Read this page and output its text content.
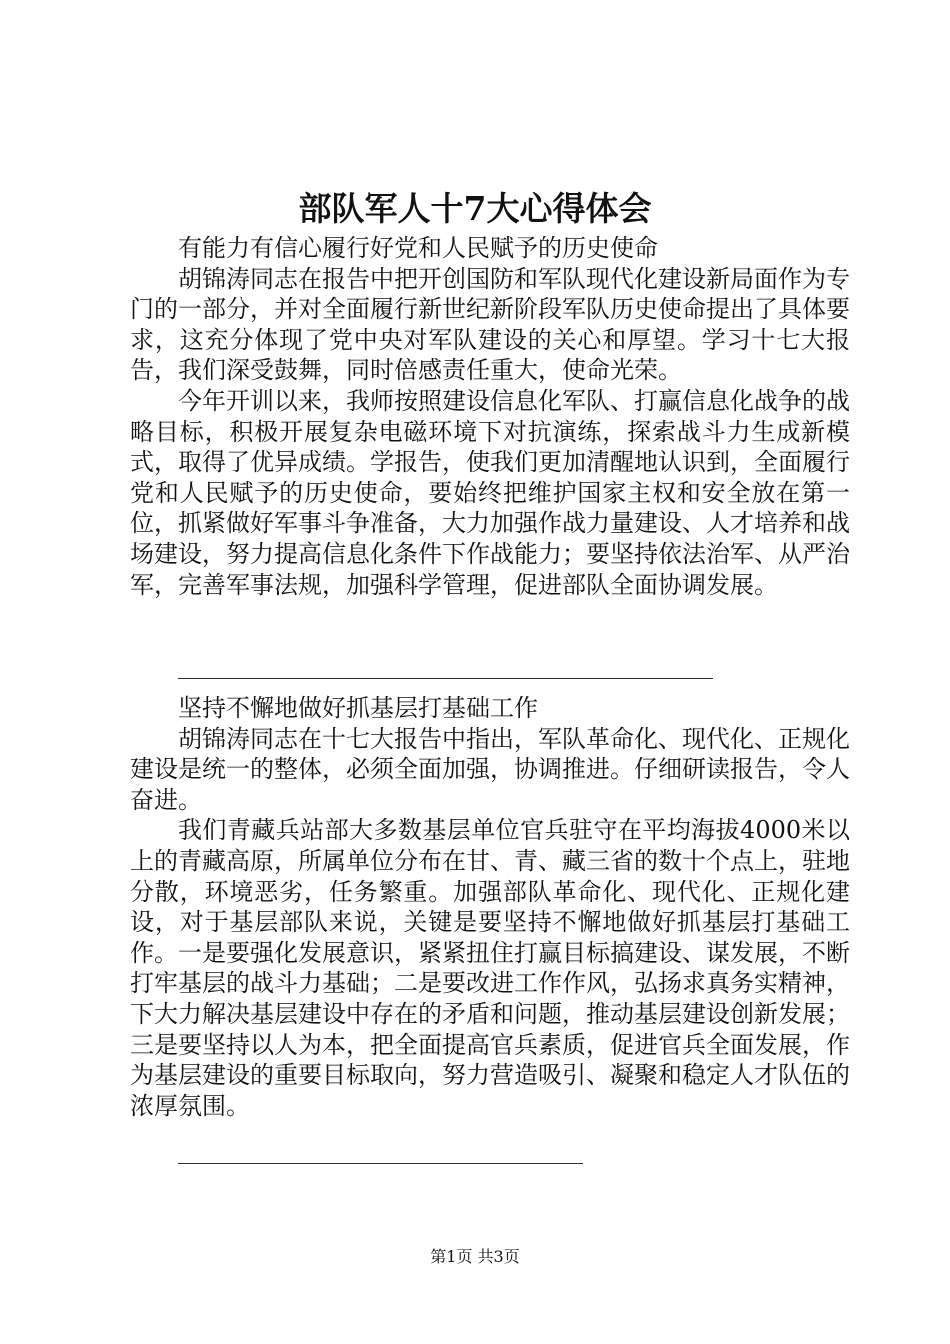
部队军人十7大心得体会

有能力有信心履行好党和人民赋予的历史使命

胡锦涛同志在报告中把开创国防和军队现代化建设新局面作为专门的一部分，并对全面履行新世纪新阶段军队历史使命提出了具体要求，这充分体现了党中央对军队建设的关心和厚望。学习十七大报告，我们深受鼓舞，同时倍感责任重大，使命光荣。

今年开训以来，我师按照建设信息化军队、打赢信息化战争的战略目标，积极开展复杂电磁环境下对抗演练，探索战斗力生成新模式，取得了优异成绩。学报告，使我们更加清醒地认识到，全面履行党和人民赋予的历史使命，要始终把维护国家主权和安全放在第一位，抓紧做好军事斗争准备，大力加强作战力量建设、人才培养和战场建设，努力提高信息化条件下作战能力；要坚持依法治军、从严治军，完善军事法规，加强科学管理，促进部队全面协调发展。

坚持不懈地做好抓基层打基础工作

胡锦涛同志在十七大报告中指出，军队革命化、现代化、正规化建设是统一的整体，必须全面加强，协调推进。仔细研读报告，令人奋进。

我们青藏兵站部大多数基层单位官兵驻守在平均海拔4000米以上的青藏高原，所属单位分布在甘、青、藏三省的数十个点上，驻地分散，环境恶劣，任务繁重。加强部队革命化、现代化、正规化建设，对于基层部队来说，关键是要坚持不懈地做好抓基层打基础工作。一是要强化发展意识，紧紧扭住打赢目标搞建设、谋发展，不断打牢基层的战斗力基础；二是要改进工作作风，弘扬求真务实精神，下大力解决基层建设中存在的矛盾和问题，推动基层建设创新发展；三是要坚持以人为本，把全面提高官兵素质，促进官兵全面发展，作为基层建设的重要目标取向，努力营造吸引、凝聚和稳定人才队伍的浓厚氛围。

第1页 共3页
